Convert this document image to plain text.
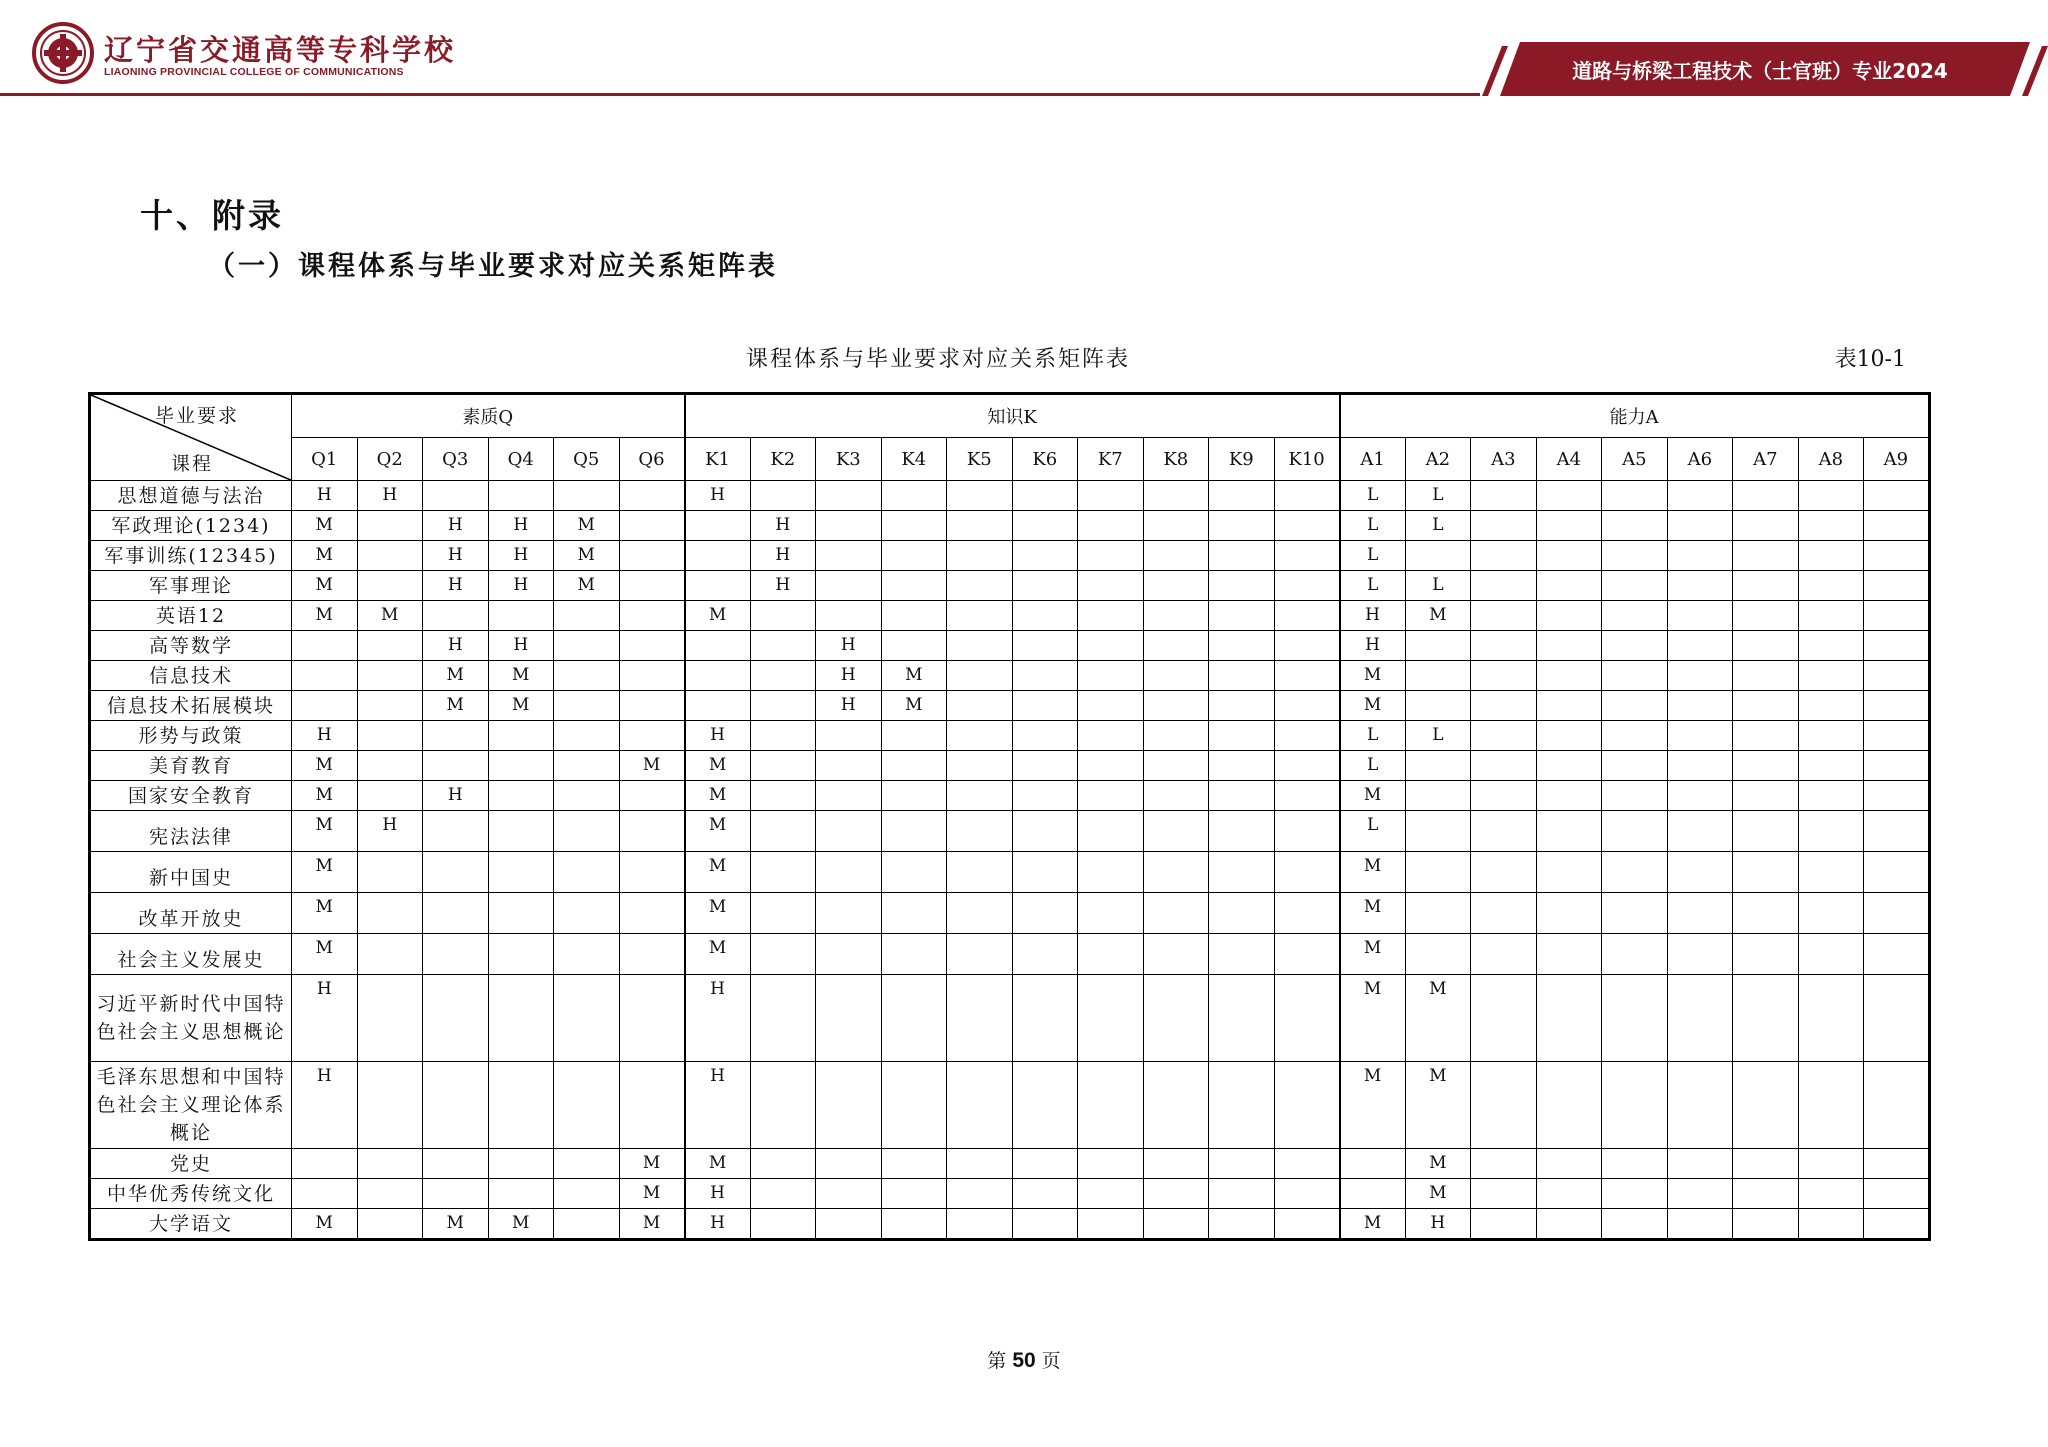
辽宁省交通高等专科学校
LIAONING PROVINCIAL COLLEGE OF COMMUNICATIONS	道路与桥梁工程技术（士官班）专业2024
十、附录
（一）课程体系与毕业要求对应关系矩阵表
课程体系与毕业要求对应关系矩阵表	表10-1
毕业要求
课程	素质Q						知识K										能力A								
	Q1	Q2	Q3	Q4	Q5	Q6	K1	K2	K3	K4	K5	K6	K7	K8	K9	K10	A1	A2	A3	A4	A5	A6	A7	A8	A9
思想道德与法治	H	H					H										L	L							
军政理论(1234)	M		H	H	M			H									L	L							
军事训练(12345)	M		H	H	M			H									L								
军事理论	M		H	H	M			H									L	L							
英语12	M	M					M										H	M							
高等数学			H	H					H								H								
信息技术			M	M					H	M							M								
信息技术拓展模块			M	M					H	M							M								
形势与政策	H						H										L	L							
美育教育	M					M	M										L								
国家安全教育	M		H				M										M								
宪法法律	M	H					M										L								
新中国史	M						M										M								
改革开放史	M						M										M								
社会主义发展史	M						M										M								
习近平新时代中国特色社会主义思想概论	H						H										M	M							
毛泽东思想和中国特色社会主义理论体系概论	H						H										M	M							
党史						M	M											M							
中华优秀传统文化						M	H											M							
大学语文	M		M	M		M	H										M	H							
第 50 页
